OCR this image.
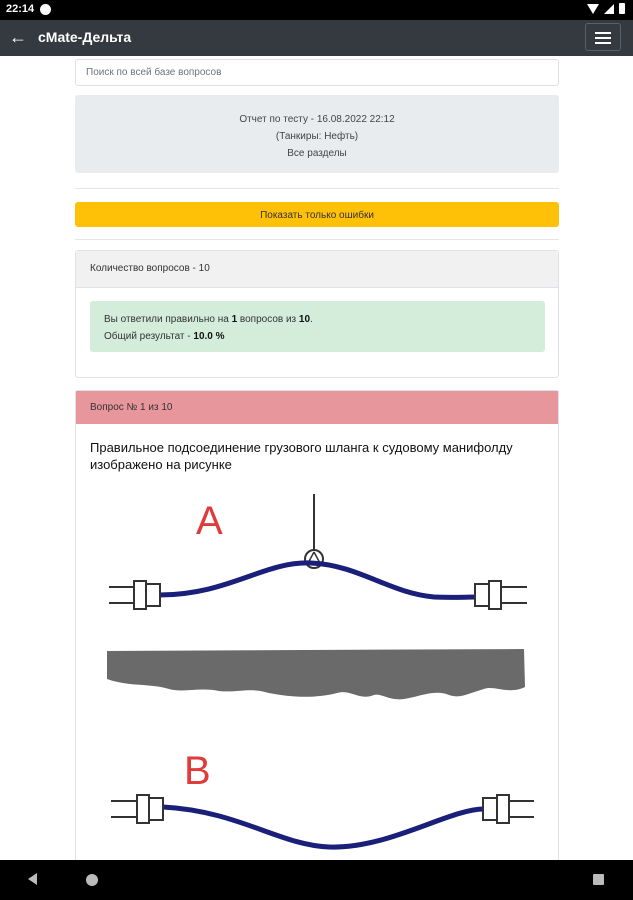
22:14
← cMate-Дельта
Поиск по всей базе вопросов
Отчет по тесту - 16.08.2022 22:12
(Танкиры: Нефть)
Все разделы
Показать только ошибки
Количество вопросов - 10
Вы ответили правильно на 1 вопросов из 10.
Общий результат - 10.0 %
Вопрос № 1 из 10
Правильное подсоединение грузового шланга к судовому манифолду изображено на рисунке
A
B
